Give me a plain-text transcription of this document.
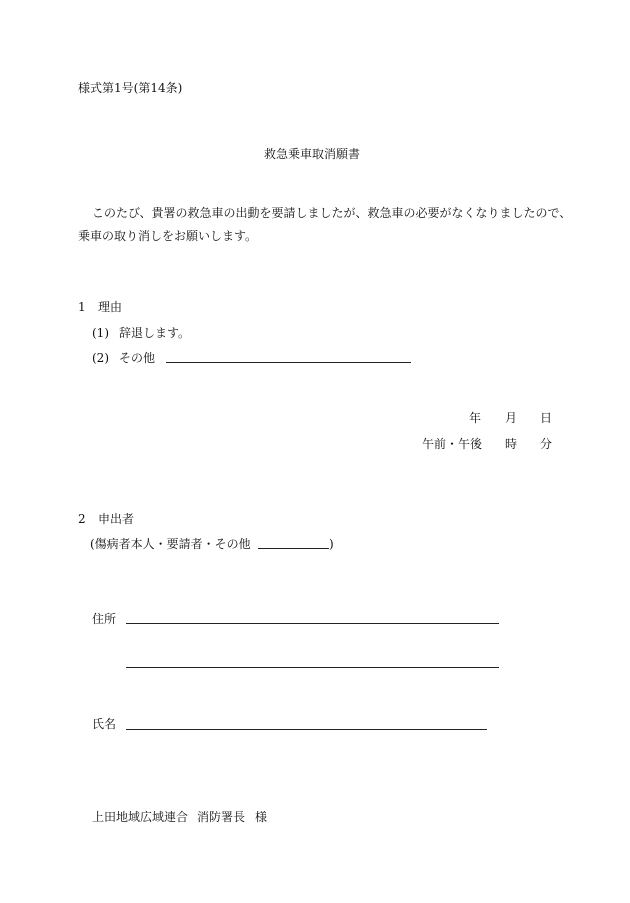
様式第1号(第14条)
救急乗車取消願書
このたび、貴署の救急車の出動を要請しましたが、救急車の必要がなくなりましたので、
乗車の取り消しをお願いします。
1 理由
(1) 辞退します。
(2) その他
年 月 日
午前・午後 時 分
2 申出者
(傷病者本人・要請者・その他	)
住所
氏名
上田地域広域連合 消防署長 様
